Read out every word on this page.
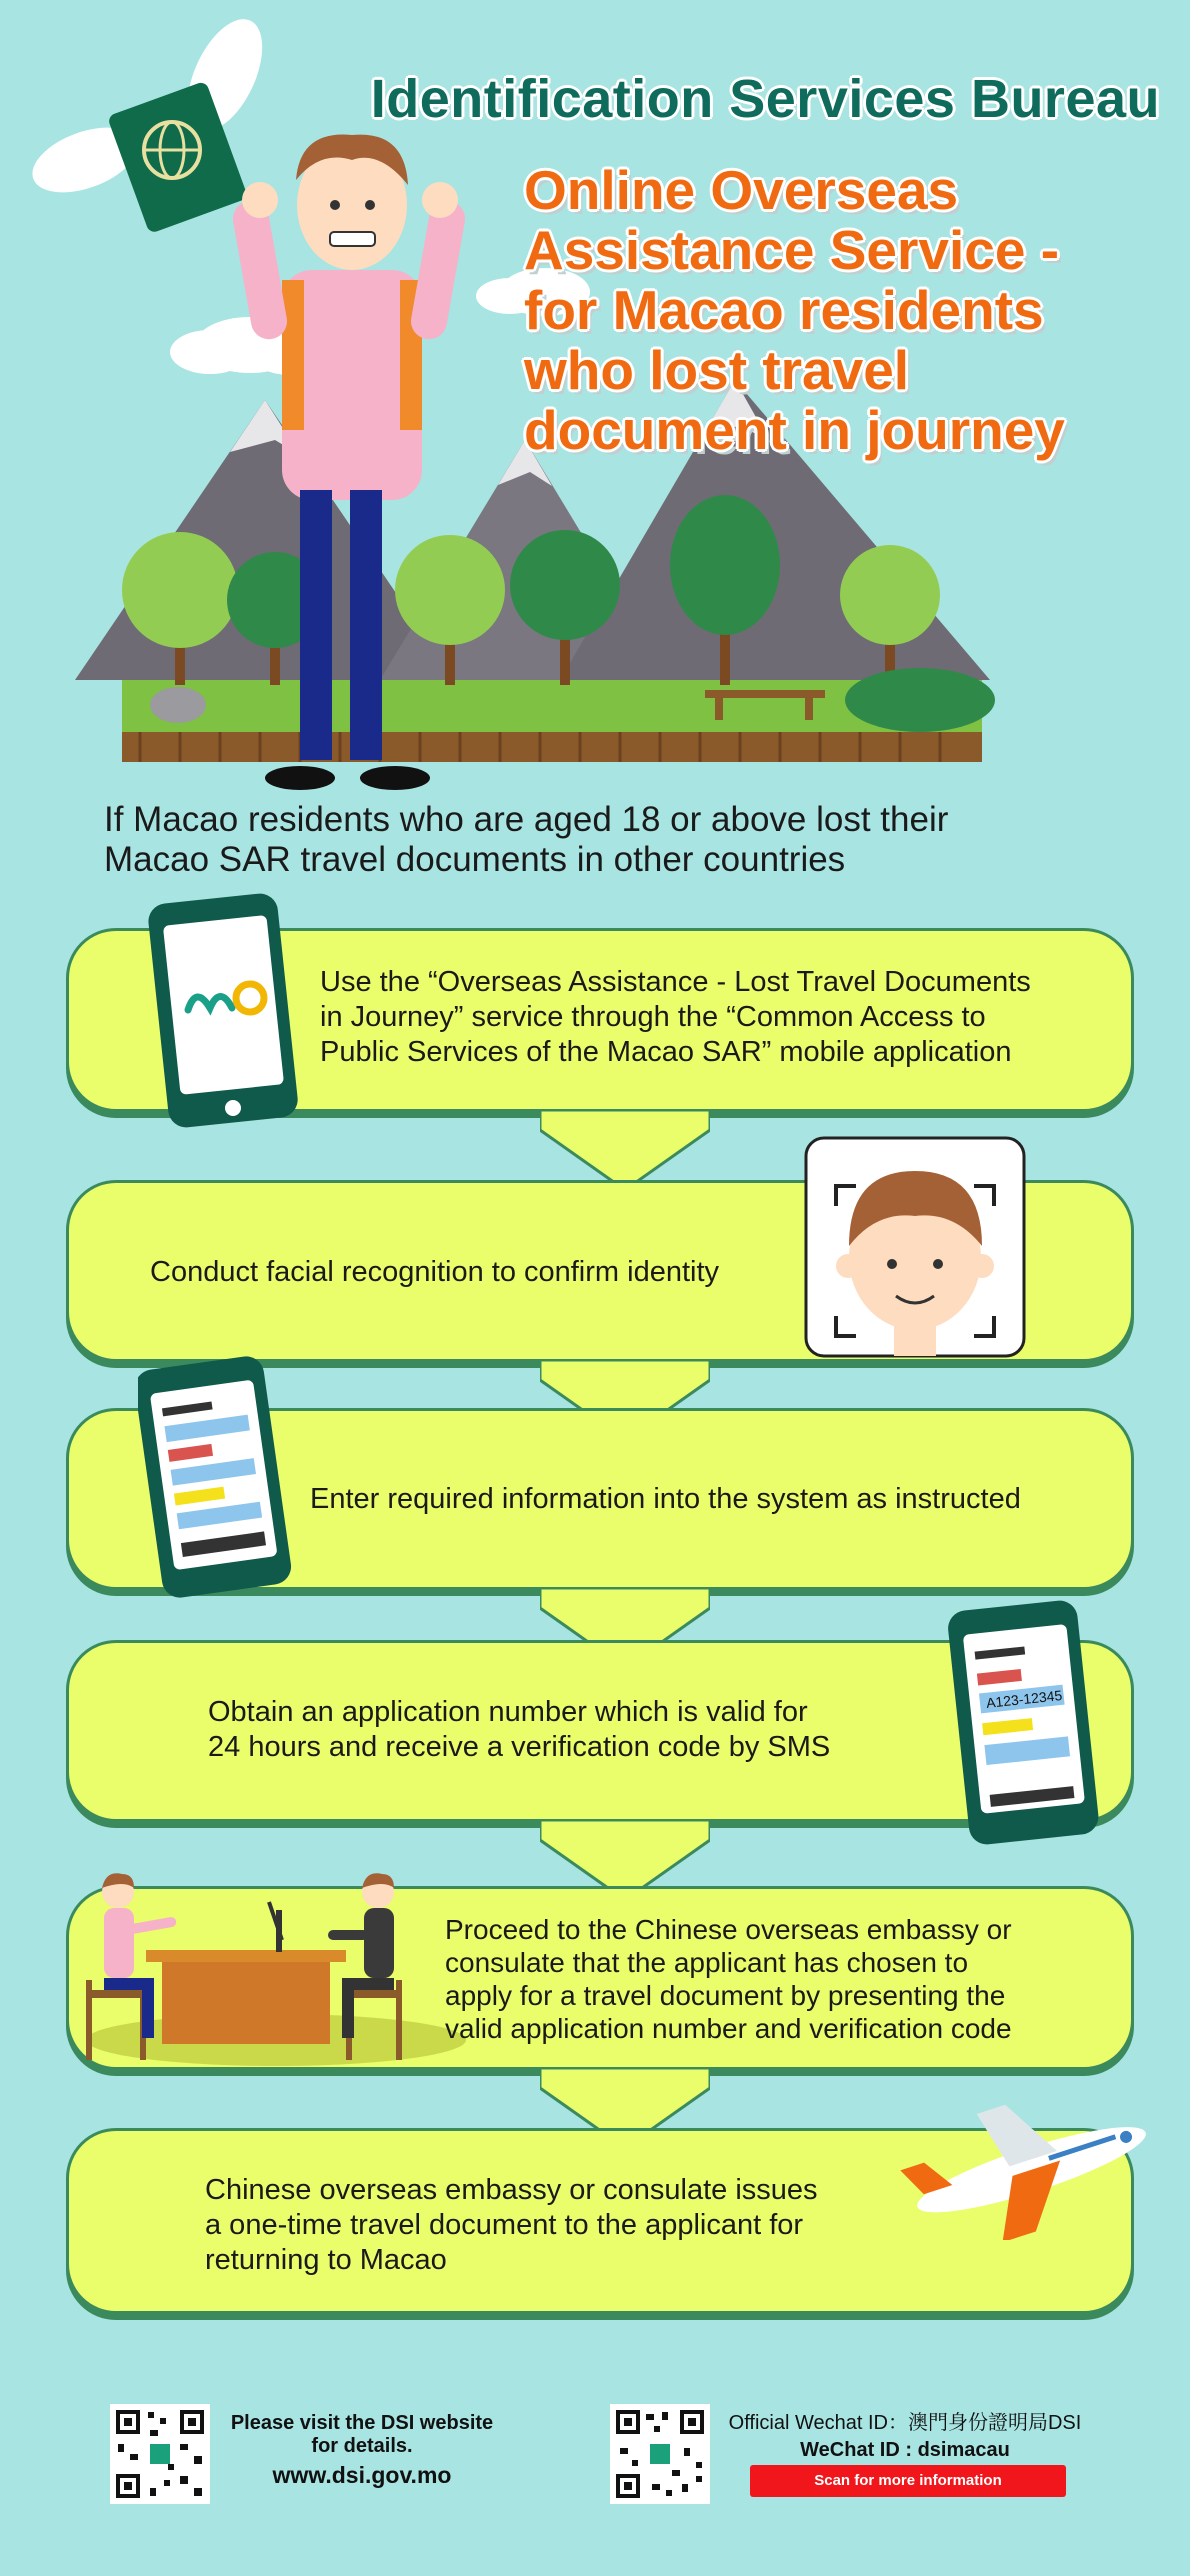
Identification Services Bureau
Online Overseas
Assistance Service -
for Macao residents
who lost travel
document in journey
If Macao residents who are aged 18 or above lost their
Macao SAR travel documents in other countries
Use the “Overseas Assistance - Lost Travel Documents
in Journey” service through the “Common Access to
Public Services of the Macao SAR” mobile application
Conduct facial recognition to confirm identity
Enter required information into the system as instructed
Obtain an application number which is valid for
24 hours and receive a verification code by SMS
A123-12345
Proceed to the Chinese overseas embassy or
consulate that the applicant has chosen to
apply for a travel document by presenting the
valid application number and verification code
Chinese overseas embassy or consulate issues
a one-time travel document to the applicant for
returning to Macao
Please visit the DSI website
for details.
www.dsi.gov.mo
Official Wechat ID：澳門身份證明局DSI
WeChat ID : dsimacau
Scan for more information
